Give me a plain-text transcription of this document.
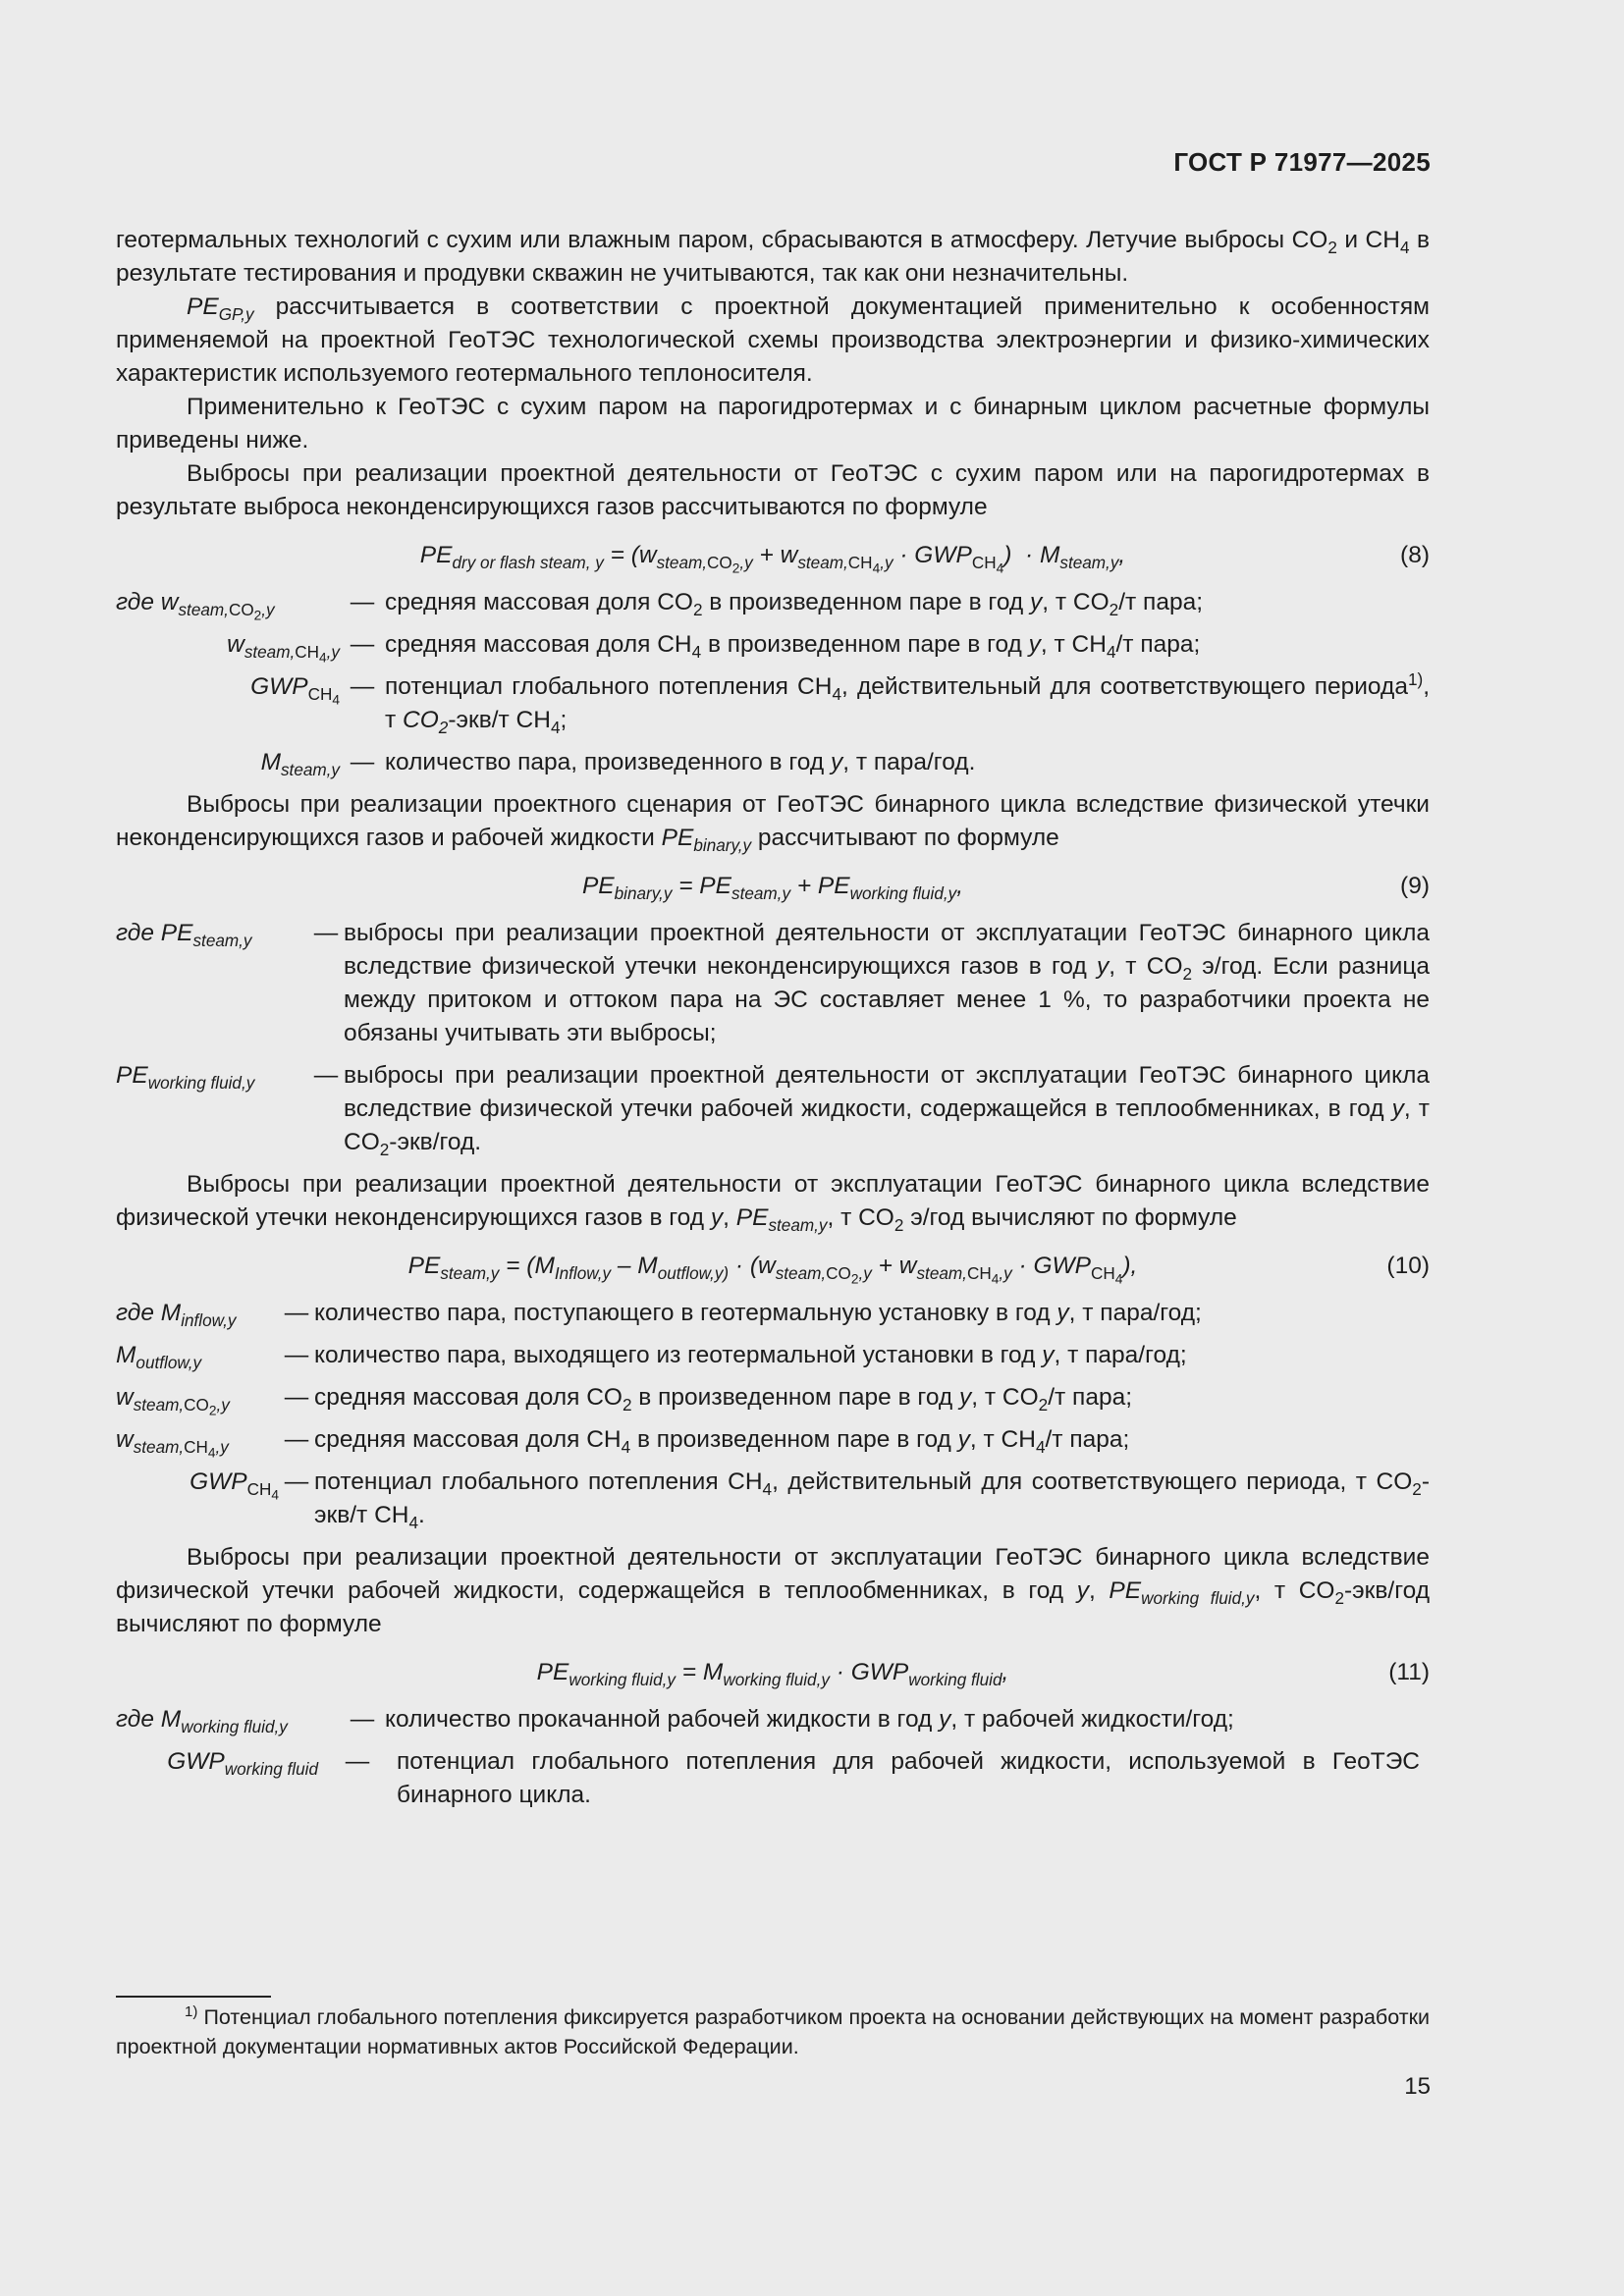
ГОСТ Р 71977—2025

геотермальных технологий с сухим или влажным паром, сбрасываются в атмосферу. Летучие выбросы $CO_2$ и $CH_4$ в результате тестирования и продувки скважин не учитываются, так как они незначительны.

$PE_{GP,y}$ рассчитывается в соответствии с проектной документацией применительно к особенностям применяемой на проектной ГеоТЭС технологической схемы производства электроэнергии и физико-химических характеристик используемого геотермального теплоносителя.

Применительно к ГеоТЭС с сухим паром на парогидротермах и с бинарным циклом расчетные формулы приведены ниже.

Выбросы при реализации проектной деятельности от ГеоТЭС с сухим паром или на парогидротермах в результате выброса неконденсирующихся газов рассчитываются по формуле

$PE_{dry or flash steam, y} = (w_{steam,CO_2,y} + w_{steam,CH_4,y} \cdot GWP_{CH_4}) \cdot M_{steam,y}$,	(8)
где $w_{steam,CO_2,y}$	— средняя массовая доля $CO_2$ в произведенном паре в год y, т $CO_2/т$ пара;
$w_{steam,CH_4,y}$ — средняя массовая доля $CH_4$ в произведенном паре в год y, т $CH_4/т$ пара;
$GWP_{CH_4}$ — потенциал глобального потепления $CH_4$, действительный для соответствующего периода$^{1)}$, т $CO_2-экв/т$ $CH_4$;
$M_{steam,y}$ — количество пара, произведенного в год y, т пара/год.

Выбросы при реализации проектного сценария от ГеоТЭС бинарного цикла вследствие физической утечки неконденсирующихся газов и рабочей жидкости $PE_{binary,y}$ рассчитывают по формуле

$PE_{binary,y} = PE_{steam,y} + PE_{working fluid,y}$,	(9)
где $PE_{steam,y}$	— выбросы при реализации проектной деятельности от эксплуатации ГеоТЭС бинарного цикла вследствие физической утечки неконденсирующихся газов в год y, т $CO_2$ э/год. Если разница между притоком и оттоком пара на ЭС составляет менее 1 %, то разработчики проекта не обязаны учитывать эти выбросы;
$PE_{working fluid,y}$	— выбросы при реализации проектной деятельности от эксплуатации ГеоТЭС бинарного цикла вследствие физической утечки рабочей жидкости, содержащейся в теплообменниках, в год y, т $CO_2-экв$/год.

Выбросы при реализации проектной деятельности от эксплуатации ГеоТЭС бинарного цикла вследствие физической утечки неконденсирующихся газов в год y, $PE_{steam,y}$, т $CO_2$ э/год вычисляют по формуле

$PE_{steam,y} = (M_{Inflow,y} - M_{outflow,y)} \cdot (w_{steam,CO_2,y} + w_{steam,CH_4,y} \cdot GWP_{CH_4})$,	(10)
где $M_{inflow,y}$	— количество пара, поступающего в геотермальную установку в год y, т пара/год;
$M_{outflow,y}$	— количество пара, выходящего из геотермальной установки в год y, т пара/год;
$w_{steam,CO_2,y}$	— средняя массовая доля $CO_2$ в произведенном паре в год y, т $CO_2/т$ пара;
$w_{steam,CH_4,y}$	— средняя массовая доля $CH_4$ в произведенном паре в год y, т $CH_4/т$ пара;
$GWP_{CH_4}$ — потенциал глобального потепления $CH_4$, действительный для соответствующего периода, т $CO_2-экв/т$ $CH_4$.

Выбросы при реализации проектной деятельности от эксплуатации ГеоТЭС бинарного цикла вследствие физической утечки рабочей жидкости, содержащейся в теплообменниках, в год y, $PE_{working fluid,y}$, т $CO_2-экв$/год вычисляют по формуле

$PE_{working fluid,y} = M_{working fluid,y} \cdot GWP_{working fluid}$,	(11)
где $M_{working fluid,y}$	— количество прокачанной рабочей жидкости в год y, т рабочей жидкости/год;
$GWP_{working fluid}$	—	потенциал глобального потепления для рабочей жидкости, используемой в ГеоТЭС бинарного цикла.
$^{1)}$ Потенциал глобального потепления фиксируется разработчиком проекта на основании действующих на момент разработки проектной документации нормативных актов Российской Федерации.
15
